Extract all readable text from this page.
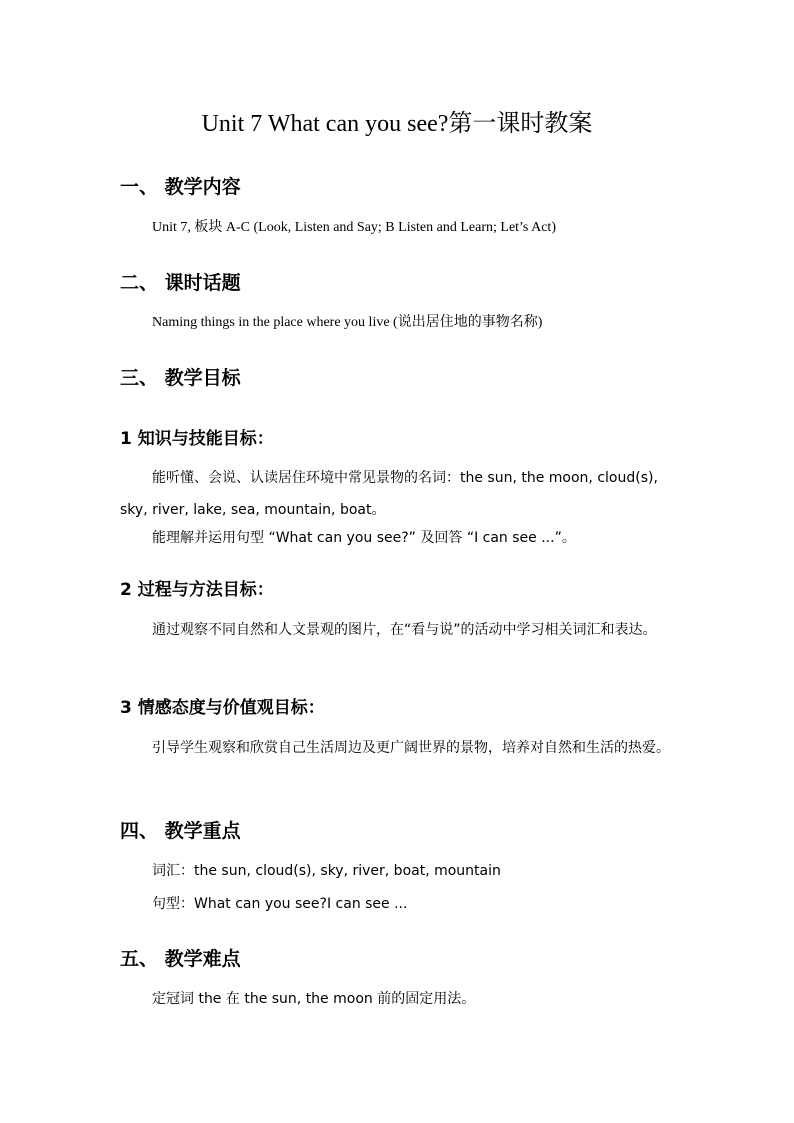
Unit 7 What can you see?第一课时教案
一、 教学内容
Unit 7, 板块 A-C (Look, Listen and Say; B Listen and Learn; Let’s Act)
二、 课时话题
Naming things in the place where you live (说出居住地的事物名称)
三、 教学目标
1 知识与技能目标：
能听懂、会说、认读居住环境中常见景物的名词：the sun, the moon, cloud(s), sky, river, lake, sea, mountain, boat。
能理解并运用句型 “What can you see?” 及回答 “I can see ...”。
2 过程与方法目标：
通过观察不同自然和人文景观的图片，在“看与说”的活动中学习相关词汇和表达。
3 情感态度与价值观目标：
引导学生观察和欣赏自己生活周边及更广阔世界的景物，培养对自然和生活的热爱。
四、 教学重点
词汇：the sun, cloud(s), sky, river, boat, mountain
句型：What can you see?I can see ...
五、 教学难点
定冠词 the 在 the sun, the moon 前的固定用法。
